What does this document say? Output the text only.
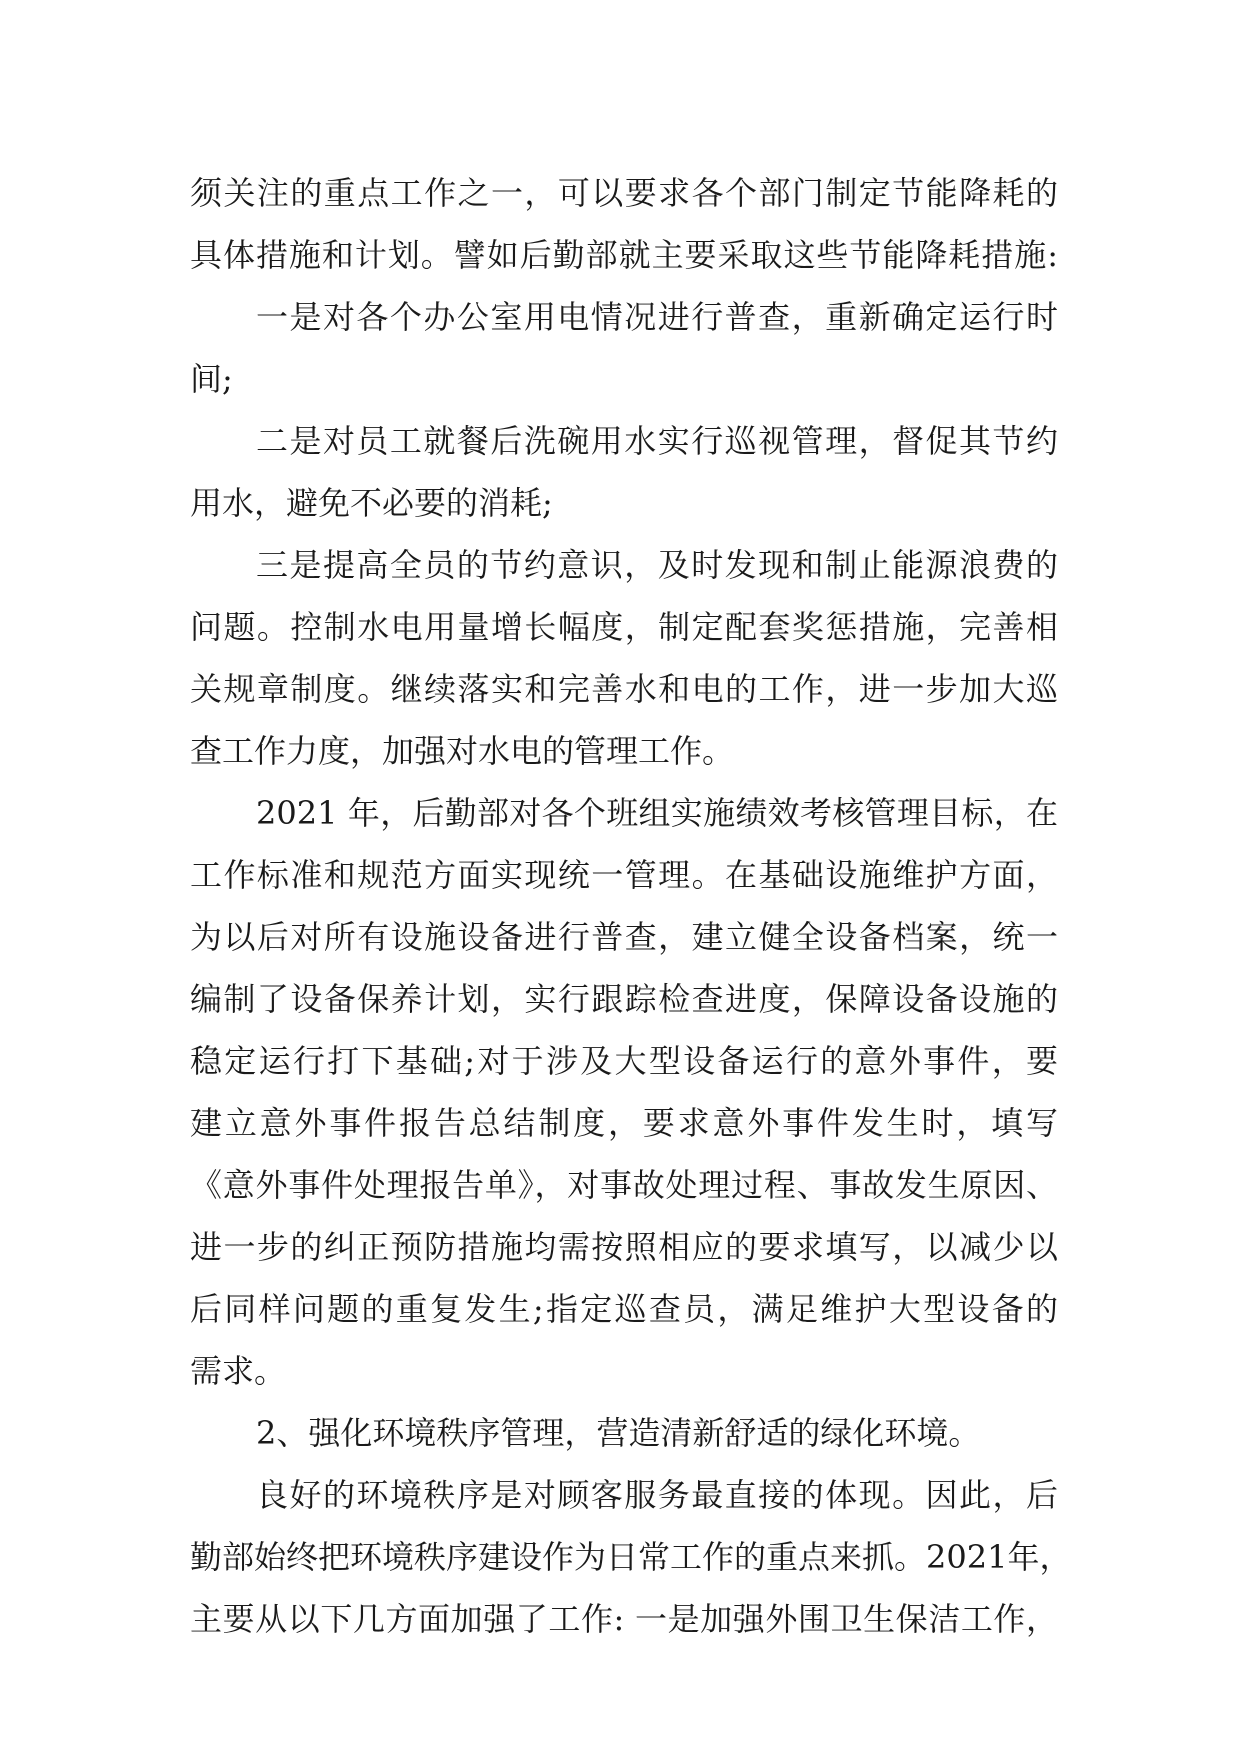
须关注的重点工作之一，可以要求各个部门制定节能降耗的
具体措施和计划。譬如后勤部就主要采取这些节能降耗措施:
一是对各个办公室用电情况进行普查，重新确定运行时
间;
二是对员工就餐后洗碗用水实行巡视管理，督促其节约
用水，避免不必要的消耗;
三是提高全员的节约意识，及时发现和制止能源浪费的
问题。控制水电用量增长幅度，制定配套奖惩措施，完善相
关规章制度。继续落实和完善水和电的工作，进一步加大巡
查工作力度，加强对水电的管理工作。
2021 年，后勤部对各个班组实施绩效考核管理目标，在
工作标准和规范方面实现统一管理。在基础设施维护方面，
为以后对所有设施设备进行普查，建立健全设备档案，统一
编制了设备保养计划，实行跟踪检查进度，保障设备设施的
稳定运行打下基础;对于涉及大型设备运行的意外事件，要
建立意外事件报告总结制度，要求意外事件发生时，填写
《意外事件处理报告单》，对事故处理过程、事故发生原因、
进一步的纠正预防措施均需按照相应的要求填写，以减少以
后同样问题的重复发生;指定巡查员，满足维护大型设备的
需求。
2、强化环境秩序管理，营造清新舒适的绿化环境。
良好的环境秩序是对顾客服务最直接的体现。因此，后
勤部始终把环境秩序建设作为日常工作的重点来抓。2021年，
主要从以下几方面加强了工作: 一是加强外围卫生保洁工作，
